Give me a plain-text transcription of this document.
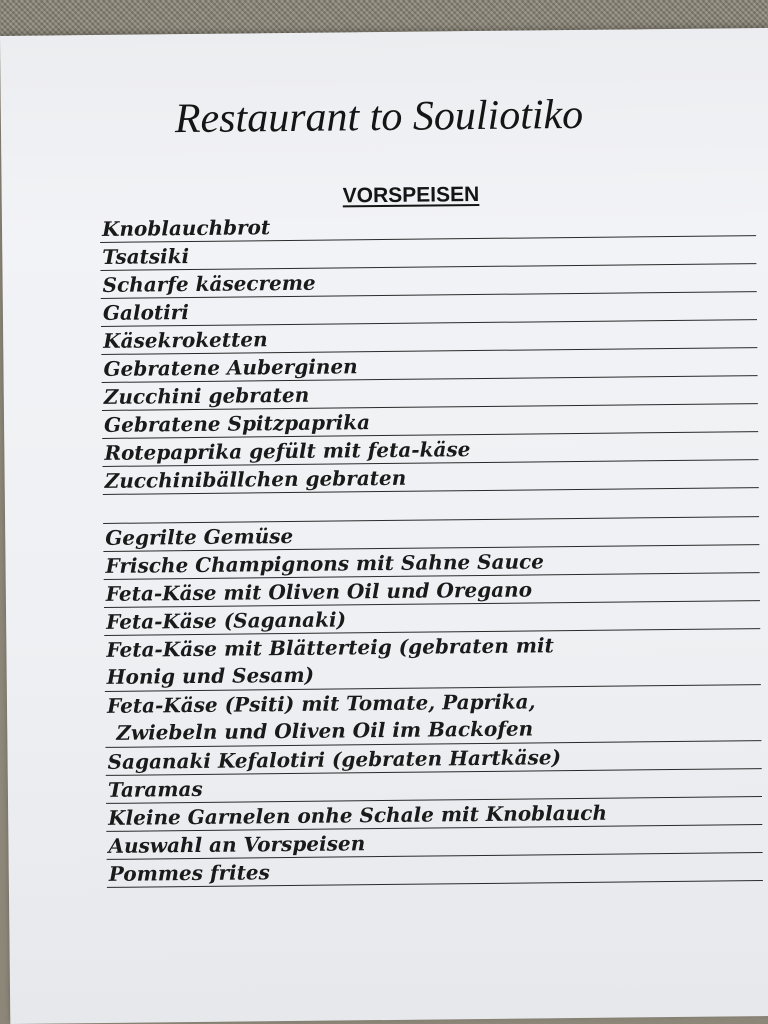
Restaurant to Souliotiko
VORSPEISEN
Knoblauchbrot
Tsatsiki
Scharfe käsecreme
Galotiri
Käsekroketten
Gebratene Auberginen
Zucchini gebraten
Gebratene Spitzpaprika
Rotepaprika gefült mit feta-käse
Zucchinibällchen gebraten
Gegrilte Gemüse
Frische Champignons mit Sahne Sauce
Feta-Käse mit Oliven Oil und Oregano
Feta-Käse (Saganaki)
Feta-Käse mit Blätterteig (gebraten mit
Honig und Sesam)
Feta-Käse (Psiti) mit Tomate, Paprika,
Zwiebeln und Oliven Oil im Backofen
Saganaki Kefalotiri (gebraten Hartkäse)
Taramas
Kleine Garnelen onhe Schale mit Knoblauch
Auswahl an Vorspeisen
Pommes frites
